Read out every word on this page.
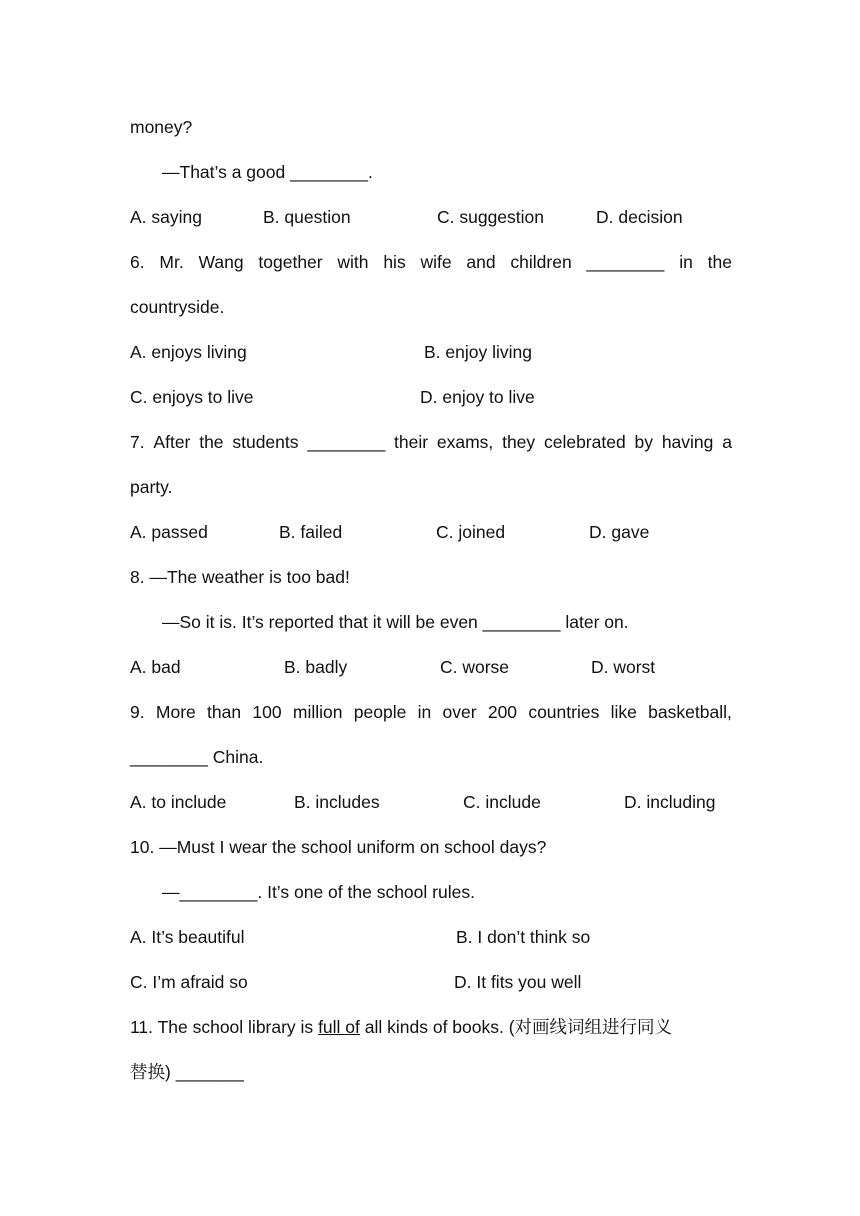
money?
—That’s a good ________.
A. saying	B. question	C. suggestion	D. decision
6. Mr. Wang together with his wife and children ________ in the
countryside.
A. enjoys living	B. enjoy living
C. enjoys to live	D. enjoy to live
7. After the students ________ their exams, they celebrated by having a
party.
A. passed	B. failed	C. joined	D. gave
8. —The weather is too bad!
—So it is. It’s reported that it will be even ________ later on.
A. bad	B. badly	C. worse	D. worst
9. More than 100 million people in over 200 countries like basketball,
________ China.
A. to include	B. includes	C. include	D. including
10. —Must I wear the school uniform on school days?
—________. It’s one of the school rules.
A. It’s beautiful	B. I don’t think so
C. I’m afraid so	D. It fits you well
11. The school library is full of all kinds of books. (对画线词组进行同义
替换) _______
